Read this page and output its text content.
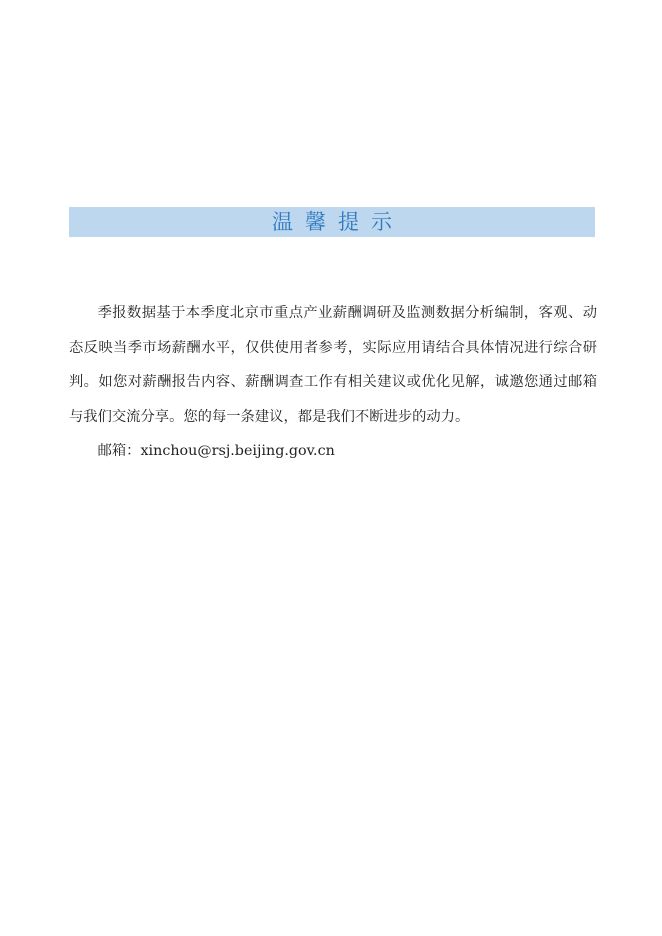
温馨提示

季报数据基于本季度北京市重点产业薪酬调研及监测数据分析编制，客观、动态反映当季市场薪酬水平，仅供使用者参考，实际应用请结合具体情况进行综合研判。如您对薪酬报告内容、薪酬调查工作有相关建议或优化见解，诚邀您通过邮箱与我们交流分享。您的每一条建议，都是我们不断进步的动力。

邮箱：xinchou@rsj.beijing.gov.cn
